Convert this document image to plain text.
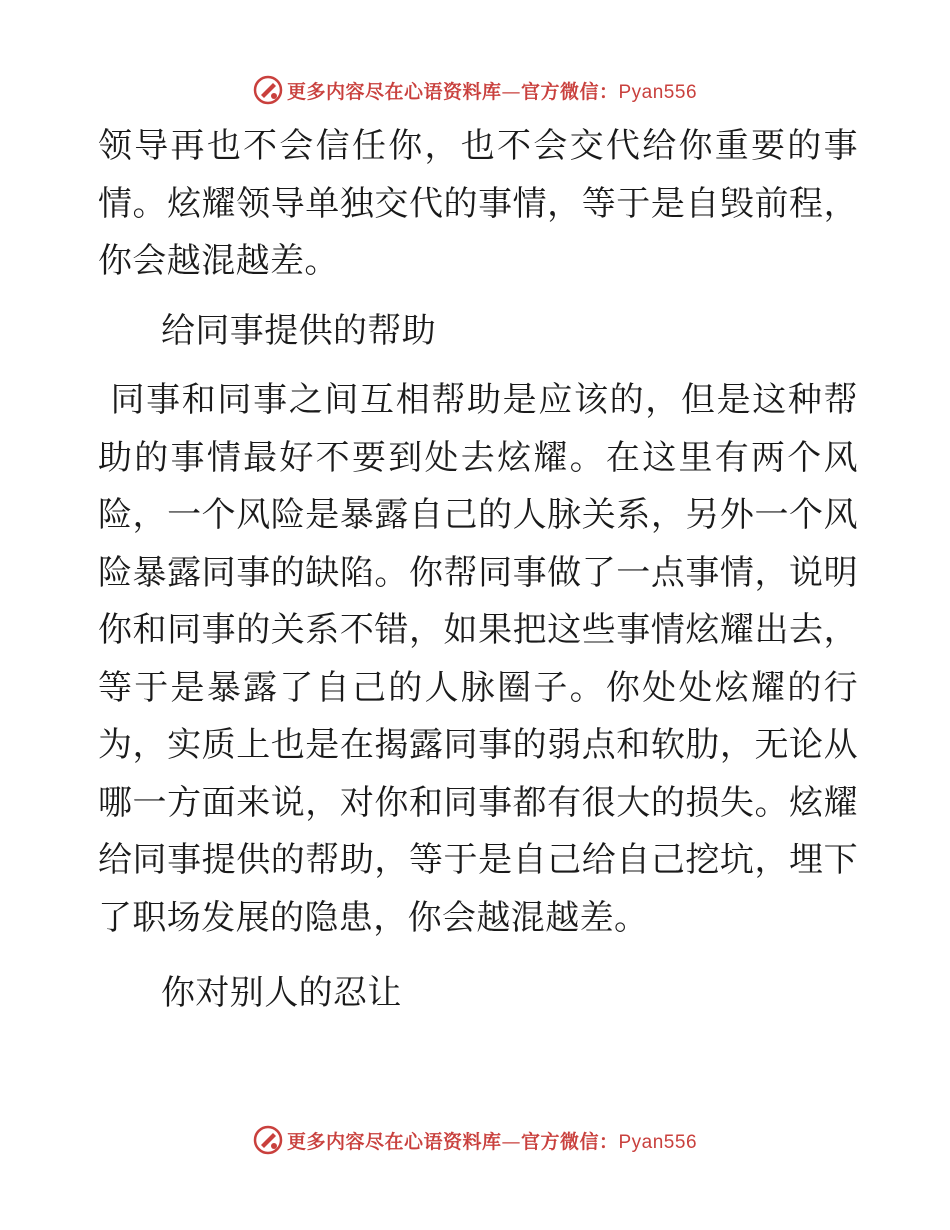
更多内容尽在心语资料库—官方微信：Pyan556

领导再也不会信任你，也不会交代给你重要的事情。炫耀领导单独交代的事情，等于是自毁前程，你会越混越差。

给同事提供的帮助

同事和同事之间互相帮助是应该的，但是这种帮助的事情最好不要到处去炫耀。在这里有两个风险，一个风险是暴露自己的人脉关系，另外一个风险暴露同事的缺陷。你帮同事做了一点事情，说明你和同事的关系不错，如果把这些事情炫耀出去，等于是暴露了自己的人脉圈子。你处处炫耀的行为，实质上也是在揭露同事的弱点和软肋，无论从哪一方面来说，对你和同事都有很大的损失。炫耀给同事提供的帮助，等于是自己给自己挖坑，埋下了职场发展的隐患，你会越混越差。

你对别人的忍让

更多内容尽在心语资料库—官方微信：Pyan556
